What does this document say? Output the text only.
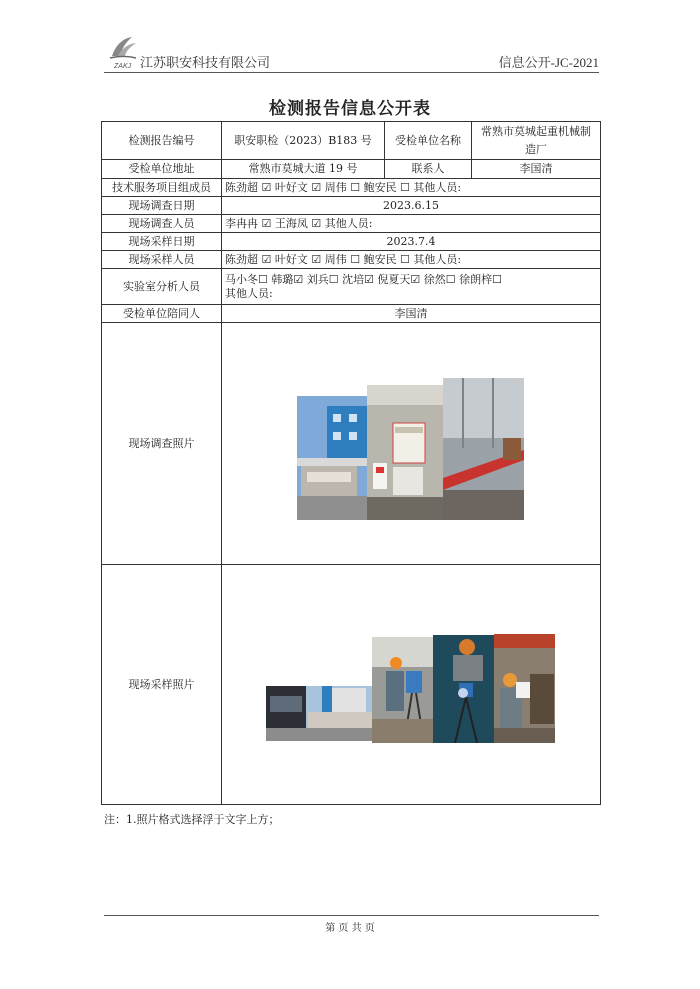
ZAKJ 江苏职安科技有限公司	信息公开-JC-2021
检测报告信息公开表
检测报告编号	职安职检（2023）B183 号	受检单位名称	常熟市莫城起重机械制造厂
受检单位地址	常熟市莫城大道 19 号	联系人	李国清
技术服务项目组成员	陈劲超 ☑ 叶好文 ☑ 周伟 ☐ 鲍安民 ☐ 其他人员:		
现场调查日期	2023.6.15		
现场调查人员	李冉冉 ☑ 王海凤 ☑ 其他人员:		
现场采样日期	2023.7.4		
现场采样人员	陈劲超 ☑ 叶好文 ☑ 周伟 ☐ 鲍安民 ☐ 其他人员:		
实验室分析人员	马小冬☐ 韩璐☑ 刘兵☐ 沈培☑ 倪夏天☑ 徐然☐ 徐朗梓☐
其他人员:		

受检单位陪同人	李国清		
现场调查照片			
现场采样照片			
注：1.照片格式选择浮于文字上方；
第 页 共 页
